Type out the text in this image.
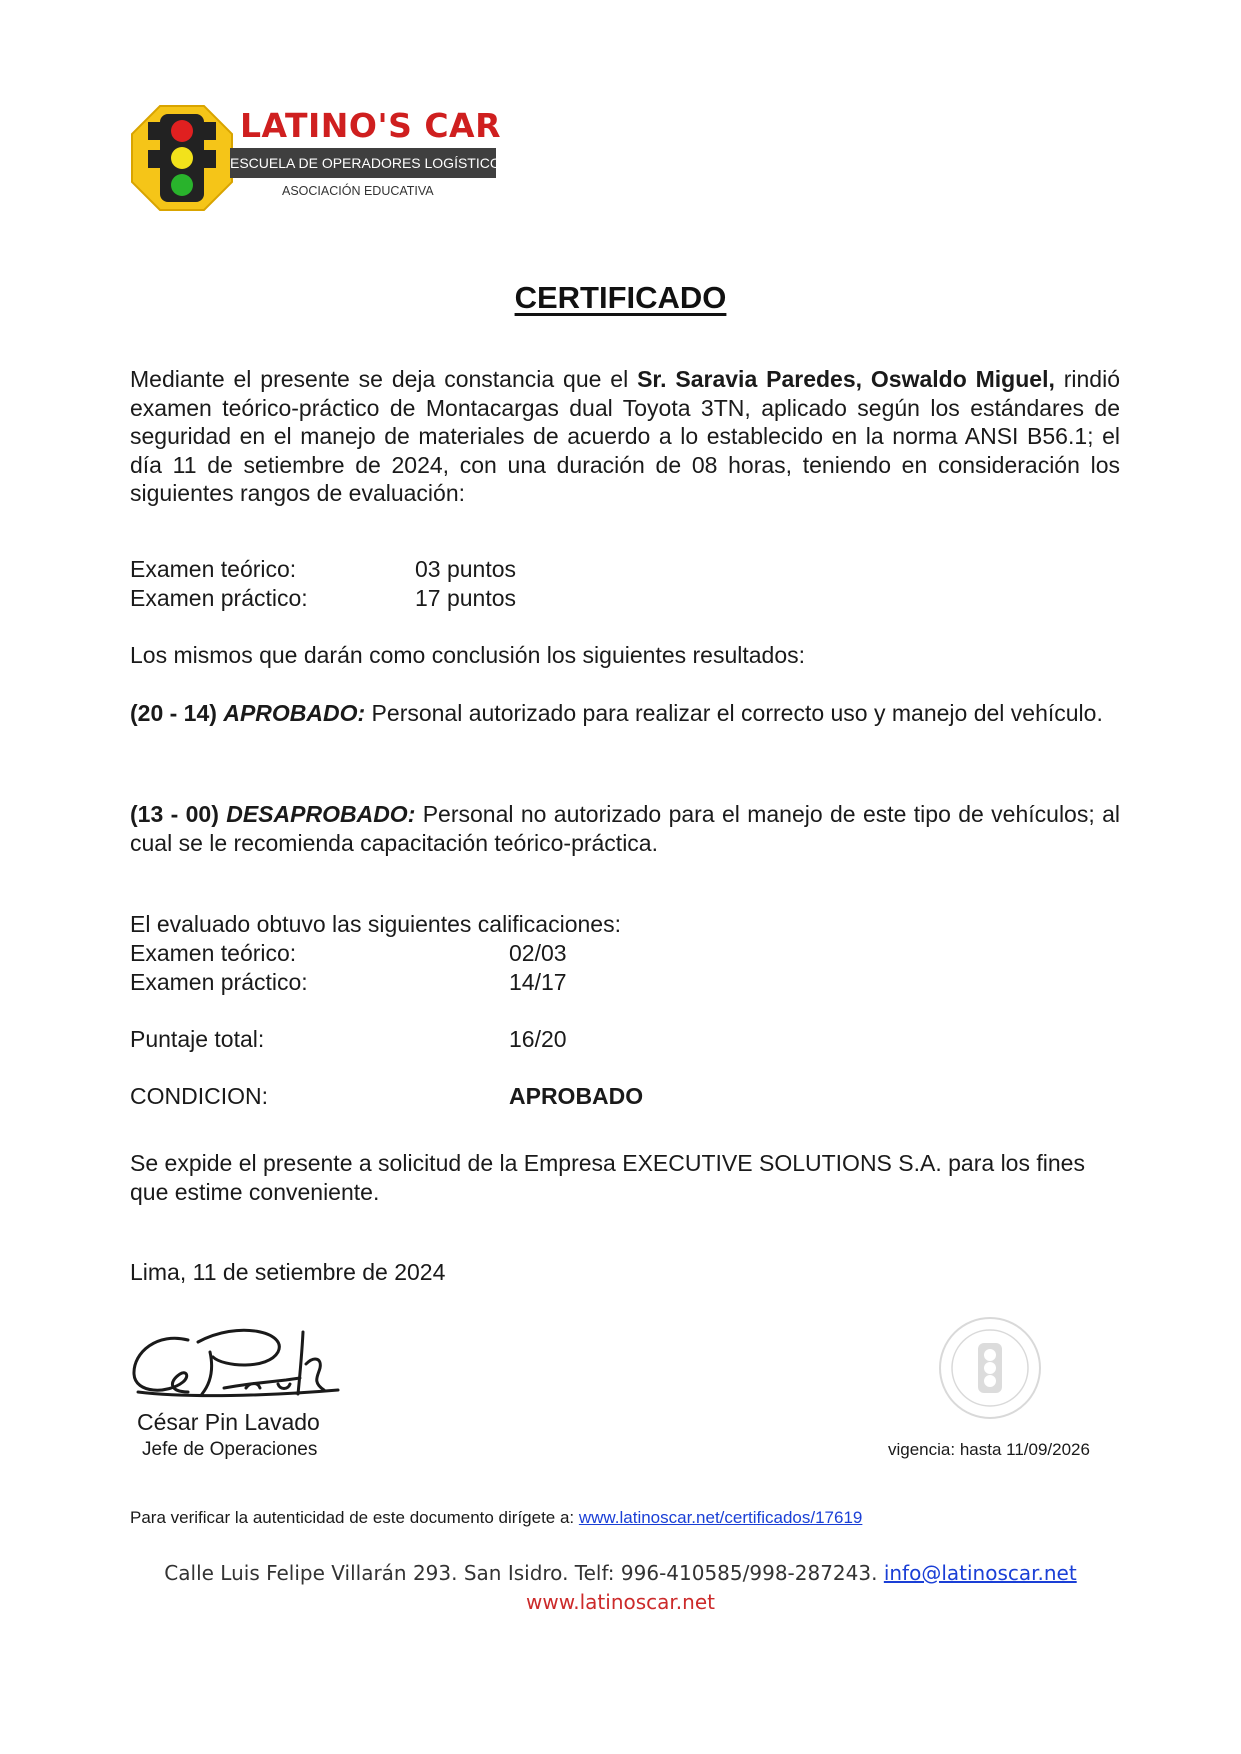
LATINO'S CAR
ESCUELA DE OPERADORES LOGÍSTICOS
ASOCIACIÓN EDUCATIVA
CERTIFICADO
Mediante el presente se deja constancia que el Sr. Saravia Paredes, Oswaldo Miguel, rindió examen teórico-práctico de Montacargas dual Toyota 3TN, aplicado según los estándares de seguridad en el manejo de materiales de acuerdo a lo establecido en la norma ANSI B56.1; el día 11 de setiembre de 2024, con una duración de 08 horas, teniendo en consideración los siguientes rangos de evaluación:
Examen teórico:	03 puntos
Examen práctico:	17 puntos
Los mismos que darán como conclusión los siguientes resultados:
(20 - 14) APROBADO: Personal autorizado para realizar el correcto uso y manejo del vehículo.
(13 - 00) DESAPROBADO: Personal no autorizado para el manejo de este tipo de vehículos; al cual se le recomienda capacitación teórico-práctica.
El evaluado obtuvo las siguientes calificaciones:
Examen teórico:	02/03
Examen práctico:	14/17
Puntaje total:	16/20
CONDICION:	APROBADO
Se expide el presente a solicitud de la Empresa EXECUTIVE SOLUTIONS S.A. para los fines que estime conveniente.
Lima, 11 de setiembre de 2024
César Pin Lavado
Jefe de Operaciones	vigencia: hasta 11/09/2026
Para verificar la autenticidad de este documento dirígete a: www.latinoscar.net/certificados/17619
Calle Luis Felipe Villarán 293. San Isidro. Telf: 996-410585/998-287243. info@latinoscar.net
www.latinoscar.net
